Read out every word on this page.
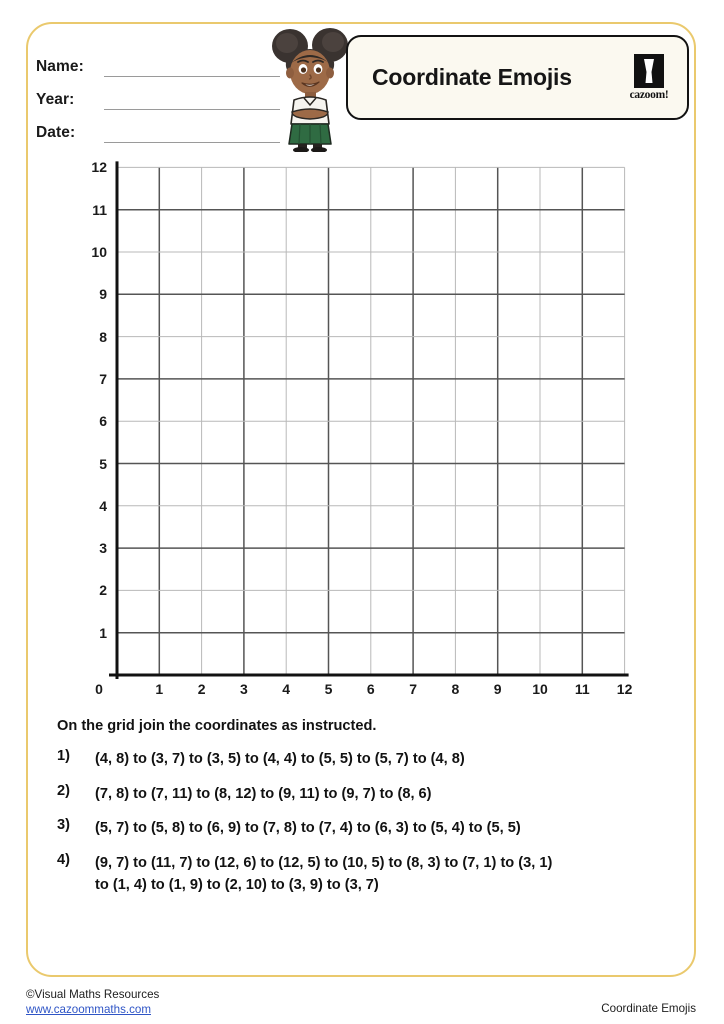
Name:
Year:
Date:
Coordinate Emojis
cazoom!
1
2
3
4
5
6
7
8
9
10
11
12
0	1	2	3	4	5	6	7	8	9	10	11	12
On the grid join the coordinates as instructed.
1)	(4, 8) to (3, 7) to (3, 5) to (4, 4) to (5, 5) to (5, 7) to (4, 8)
2)	(7, 8) to (7, 11) to (8, 12) to (9, 11) to (9, 7) to (8, 6)
3)	(5, 7) to (5, 8) to (6, 9) to (7, 8) to (7, 4) to (6, 3) to (5, 4) to (5, 5)
4)	(9, 7) to (11, 7) to (12, 6) to (12, 5) to (10, 5) to (8, 3) to (7, 1) to (3, 1)
to (1, 4) to (1, 9) to (2, 10) to (3, 9) to (3, 7)
©Visual Maths Resources
www.cazoommaths.com	Coordinate Emojis
